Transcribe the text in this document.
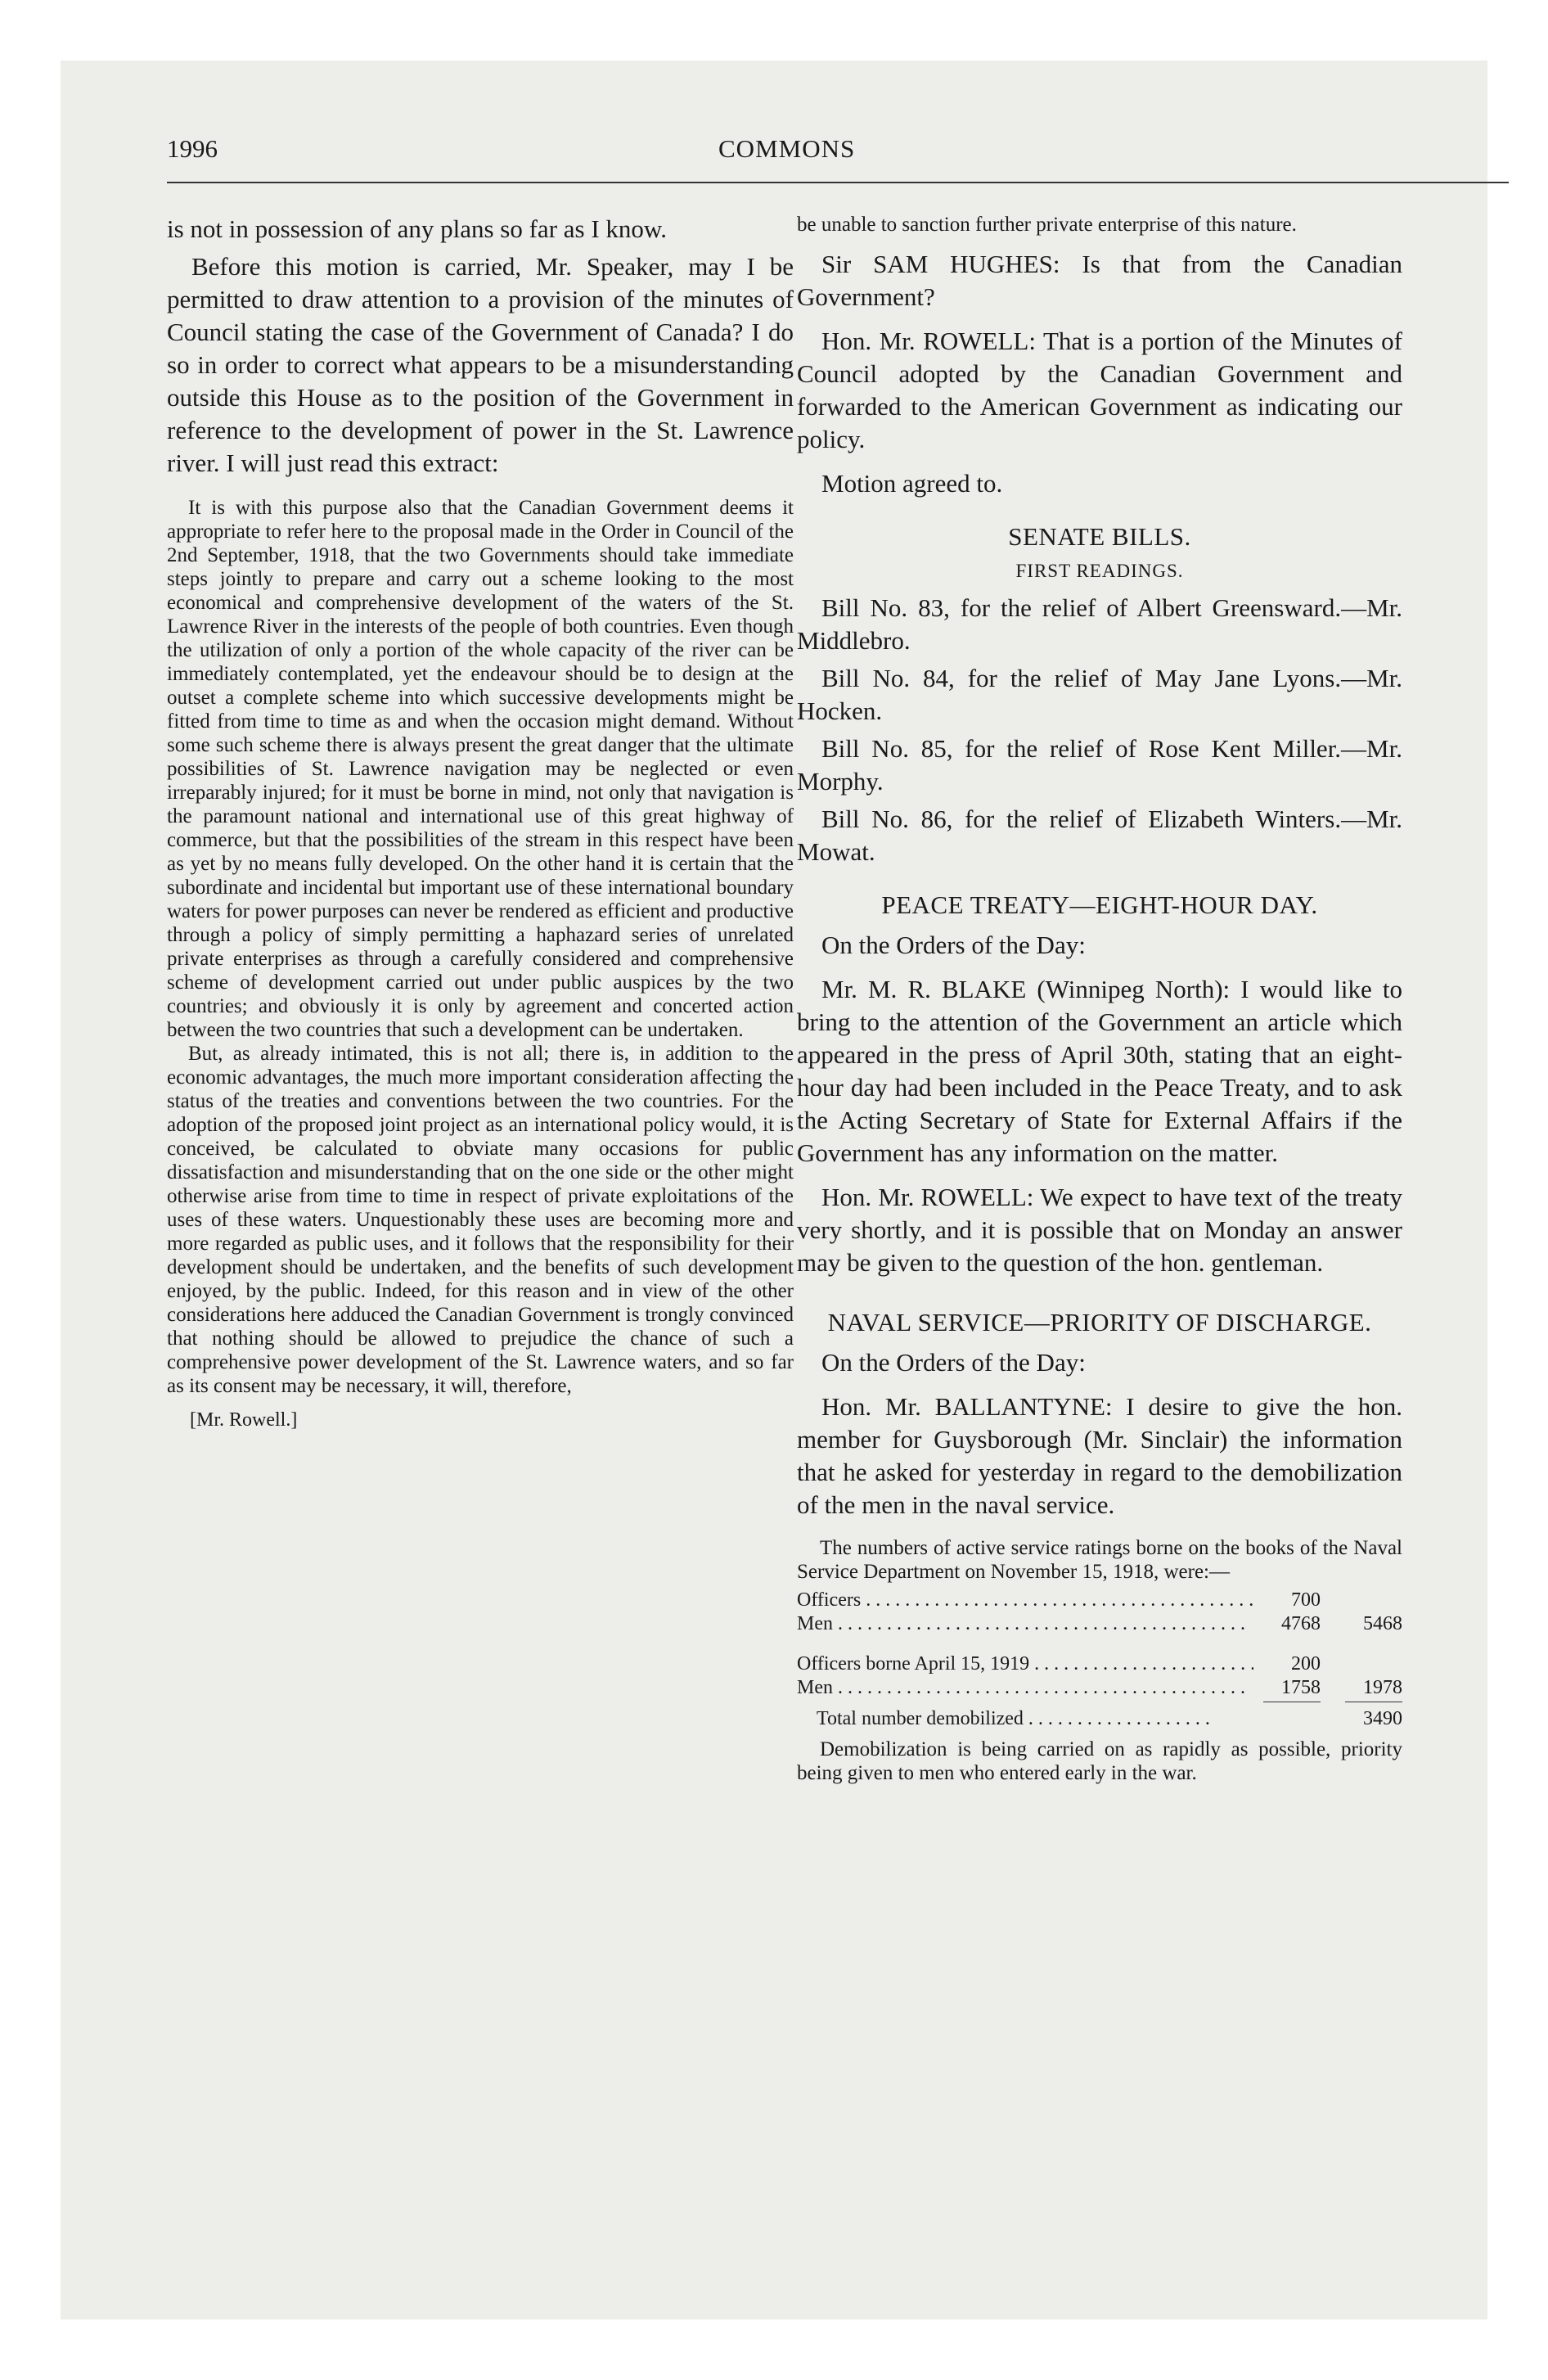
1996	COMMONS

is not in possession of any plans so far as I know.

Before this motion is carried, Mr. Speaker, may I be permitted to draw attention to a provision of the minutes of Council stating the case of the Government of Canada? I do so in order to correct what appears to be a misunderstanding outside this House as to the position of the Government in reference to the development of power in the St. Lawrence river. I will just read this extract:

It is with this purpose also that the Canadian Government deems it appropriate to refer here to the proposal made in the Order in Council of the 2nd September, 1918, that the two Governments should take immediate steps jointly to prepare and carry out a scheme looking to the most economical and comprehensive development of the waters of the St. Lawrence River in the interests of the people of both countries. Even though the utilization of only a portion of the whole capacity of the river can be immediately contemplated, yet the endeavour should be to design at the outset a complete scheme into which successive developments might be fitted from time to time as and when the occasion might demand. Without some such scheme there is always present the great danger that the ultimate possibilities of St. Lawrence navigation may be neglected or even irreparably injured; for it must be borne in mind, not only that navigation is the paramount national and international use of this great highway of commerce, but that the possibilities of the stream in this respect have been as yet by no means fully developed. On the other hand it is certain that the subordinate and incidental but important use of these international boundary waters for power purposes can never be rendered as efficient and productive through a policy of simply permitting a haphazard series of unrelated private enterprises as through a carefully considered and comprehensive scheme of development carried out under public auspices by the two countries; and obviously it is only by agreement and concerted action between the two countries that such a development can be undertaken.

But, as already intimated, this is not all; there is, in addition to the economic advantages, the much more important consideration affecting the status of the treaties and conventions between the two countries. For the adoption of the proposed joint project as an international policy would, it is conceived, be calculated to obviate many occasions for public dissatisfaction and misunderstanding that on the one side or the other might otherwise arise from time to time in respect of private exploitations of the uses of these waters. Unquestionably these uses are becoming more and more regarded as public uses, and it follows that the responsibility for their development should be undertaken, and the benefits of such development enjoyed, by the public. Indeed, for this reason and in view of the other considerations here adduced the Canadian Government is trongly convinced that nothing should be allowed to prejudice the chance of such a comprehensive power development of the St. Lawrence waters, and so far as its consent may be necessary, it will, therefore,

[Mr. Rowell.]

be unable to sanction further private enterprise of this nature.

Sir SAM HUGHES: Is that from the Canadian Government?

Hon. Mr. ROWELL: That is a portion of the Minutes of Council adopted by the Canadian Government and forwarded to the American Government as indicating our policy.

Motion agreed to.

SENATE BILLS.
FIRST READINGS.

Bill No. 83, for the relief of Albert Greensward.—Mr. Middlebro.

Bill No. 84, for the relief of May Jane Lyons.—Mr. Hocken.

Bill No. 85, for the relief of Rose Kent Miller.—Mr. Morphy.

Bill No. 86, for the relief of Elizabeth Winters.—Mr. Mowat.

PEACE TREATY—EIGHT-HOUR DAY.

On the Orders of the Day:

Mr. M. R. BLAKE (Winnipeg North): I would like to bring to the attention of the Government an article which appeared in the press of April 30th, stating that an eight-hour day had been included in the Peace Treaty, and to ask the Acting Secretary of State for External Affairs if the Government has any information on the matter.

Hon. Mr. ROWELL: We expect to have text of the treaty very shortly, and it is possible that on Monday an answer may be given to the question of the hon. gentleman.

NAVAL SERVICE—PRIORITY OF DISCHARGE.

On the Orders of the Day:

Hon. Mr. BALLANTYNE: I desire to give the hon. member for Guysborough (Mr. Sinclair) the information that he asked for yesterday in regard to the demobilization of the men in the naval service.

The numbers of active service ratings borne on the books of the Naval Service Department on November 15, 1918, were:—

Officers . . .	700
Men . . .	4768	5468
Officers borne April 15, 1919 . . .	200
Men . . .	1758	1978
Total number demobilized . . .	3490

Demobilization is being carried on as rapidly as possible, priority being given to men who entered early in the war.
